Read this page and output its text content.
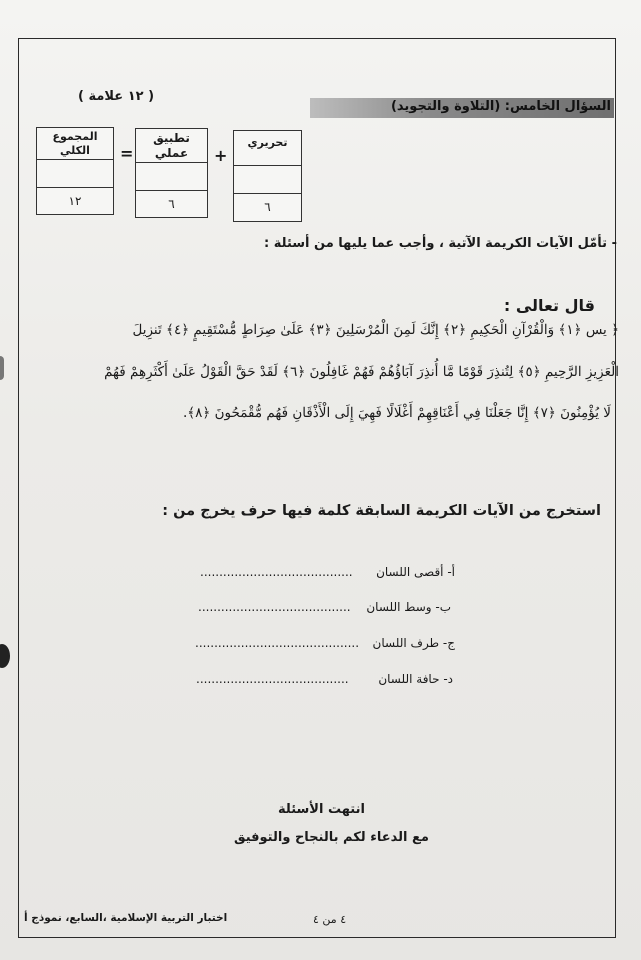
السؤال الخامس: (التلاوة والتجويد)
( ١٢ علامة )
المجموع الكلي
١٢
=
تطبيق
عملي
٦
+
تحريري
٦
- تأمّل الآيات الكريمة الآتية ، وأجب عما يليها من أسئلة :
قال تعالى :
﴿ يس ﴿١﴾ وَالْقُرْآنِ الْحَكِيمِ ﴿٢﴾ إِنَّكَ لَمِنَ الْمُرْسَلِينَ ﴿٣﴾ عَلَىٰ صِرَاطٍ مُّسْتَقِيمٍ ﴿٤﴾ تَنزِيلَ
الْعَزِيزِ الرَّحِيمِ ﴿٥﴾ لِتُنذِرَ قَوْمًا مَّا أُنذِرَ آبَاؤُهُمْ فَهُمْ غَافِلُونَ ﴿٦﴾ لَقَدْ حَقَّ الْقَوْلُ عَلَىٰ أَكْثَرِهِمْ فَهُمْ
لَا يُؤْمِنُونَ ﴿٧﴾ إِنَّا جَعَلْنَا فِي أَعْنَاقِهِمْ أَغْلَالًا فَهِيَ إِلَى الْأَذْقَانِ فَهُم مُّقْمَحُونَ ﴿٨﴾.
استخرج من الآيات الكريمة السابقة كلمة فيها حرف يخرج من :
أ- أقصى اللسان
........................................
ب- وسط اللسان
........................................
ج- طرف اللسان
...........................................
د- حافة اللسان
........................................
انتهت الأسئلة
مع الدعاء لكم بالنجاح والتوفيق
٤ من ٤
اختبار التربية الإسلامية ،السابع، نموذج أ
